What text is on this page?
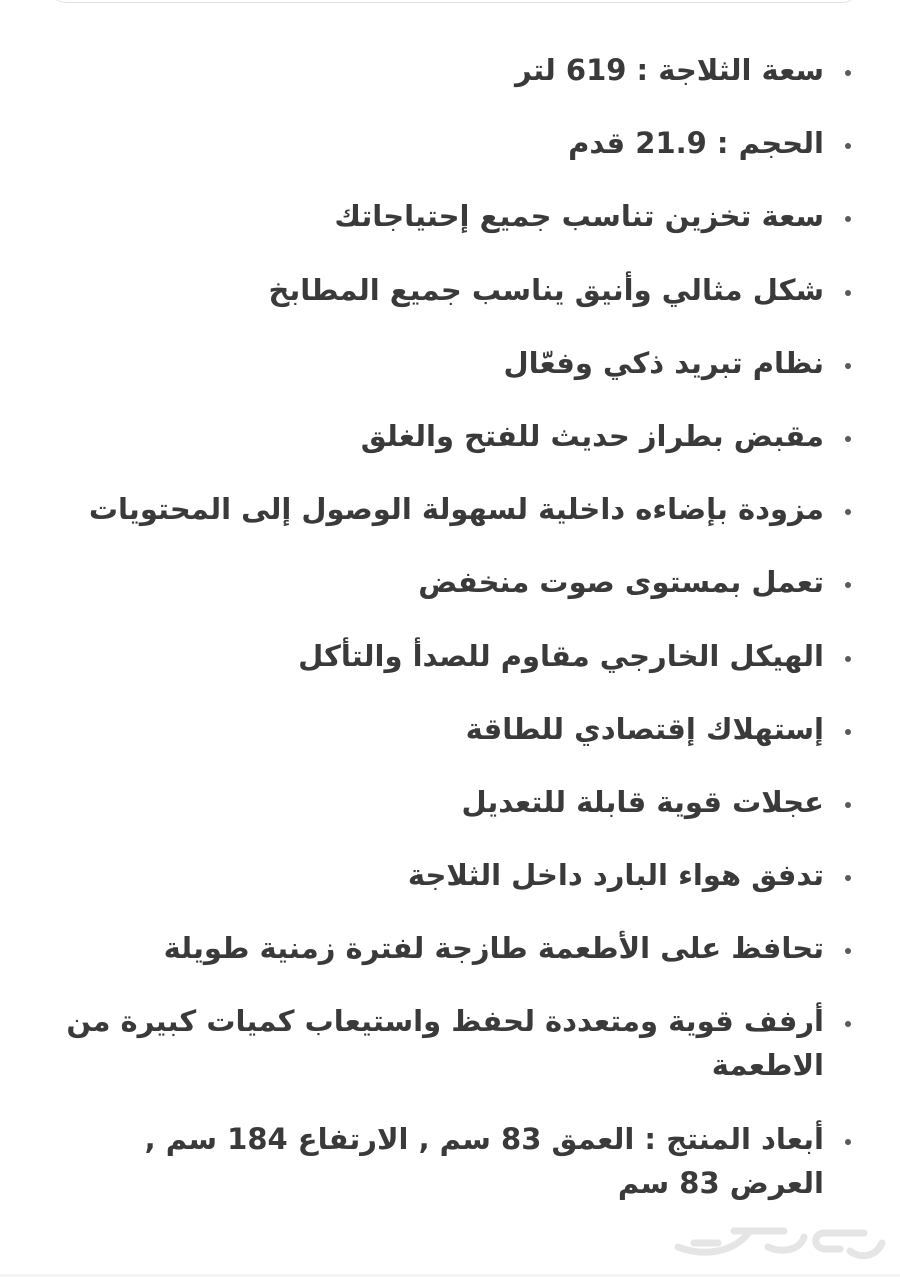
سعة الثلاجة : 619 لتر
الحجم : 21.9 قدم
سعة تخزين تناسب جميع إحتياجاتك
شكل مثالي وأنيق يناسب جميع المطابخ
نظام تبريد ذكي وفعّال
مقبض بطراز حديث للفتح والغلق
مزودة بإضاءه داخلية لسهولة الوصول إلى المحتويات
تعمل بمستوى صوت منخفض
الهيكل الخارجي مقاوم للصدأ والتأكل
إستهلاك إقتصادي للطاقة
عجلات قوية قابلة للتعديل
تدفق هواء البارد داخل الثلاجة
تحافظ على الأطعمة طازجة لفترة زمنية طويلة
أرفف قوية ومتعددة لحفظ واستيعاب كميات كبيرة من الاطعمة
أبعاد المنتج : العمق 83 سم , الارتفاع 184 سم , العرض 83 سم
